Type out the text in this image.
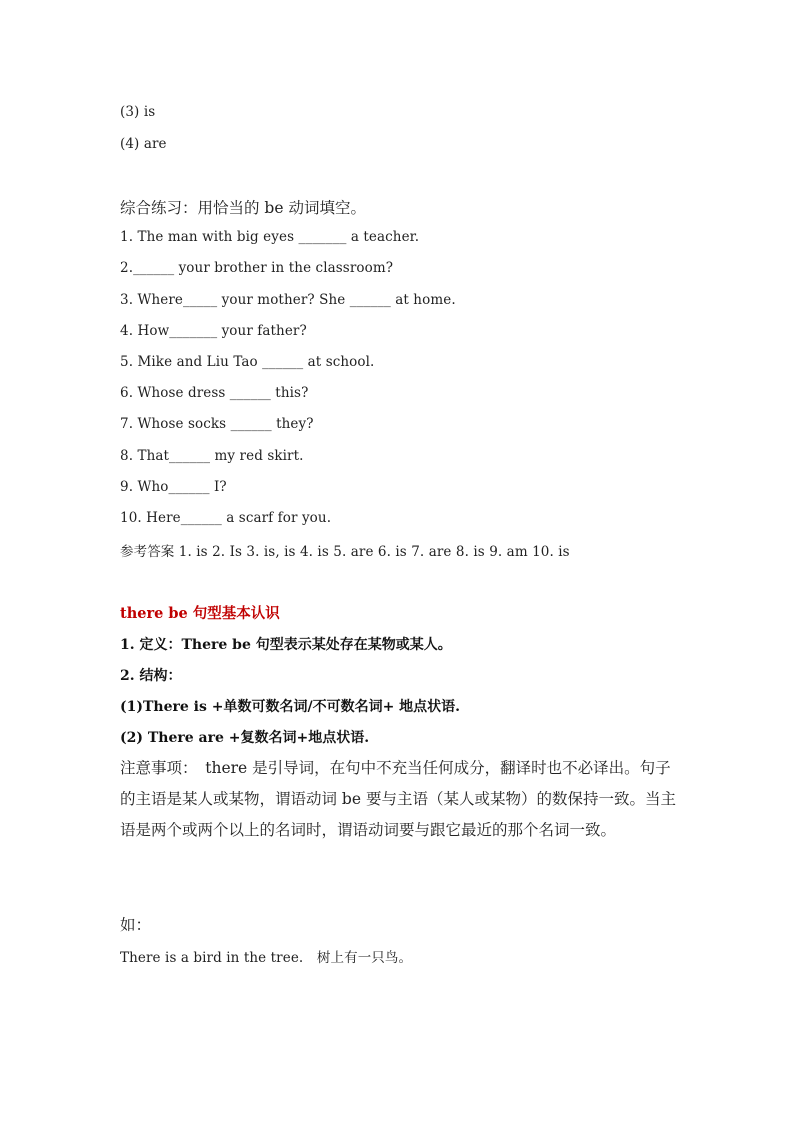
(3) is
(4) are
综合练习：用恰当的 be 动词填空。
1. The man with big eyes _______ a teacher.
2.______ your brother in the classroom?
3. Where_____ your mother? She ______ at home.
4. How_______ your father?
5. Mike and Liu Tao ______ at school.
6. Whose dress ______ this?
7. Whose socks ______ they?
8. That______ my red skirt.
9. Who______ I?
10. Here______ a scarf for you.
参考答案 1. is 2. Is 3. is, is 4. is 5. are 6. is 7. are 8. is 9. am 10. is
there be 句型基本认识
1. 定义：There be 句型表示某处存在某物或某人。
2. 结构：
(1)There is +单数可数名词/不可数名词+ 地点状语.
(2) There are +复数名词+地点状语.
注意事项：　there 是引导词，在句中不充当任何成分，翻译时也不必译出。句子的主语是某人或某物，谓语动词 be 要与主语（某人或某物）的数保持一致。当主语是两个或两个以上的名词时，谓语动词要与跟它最近的那个名词一致。
如：
There is a bird in the tree.　树上有一只鸟。
